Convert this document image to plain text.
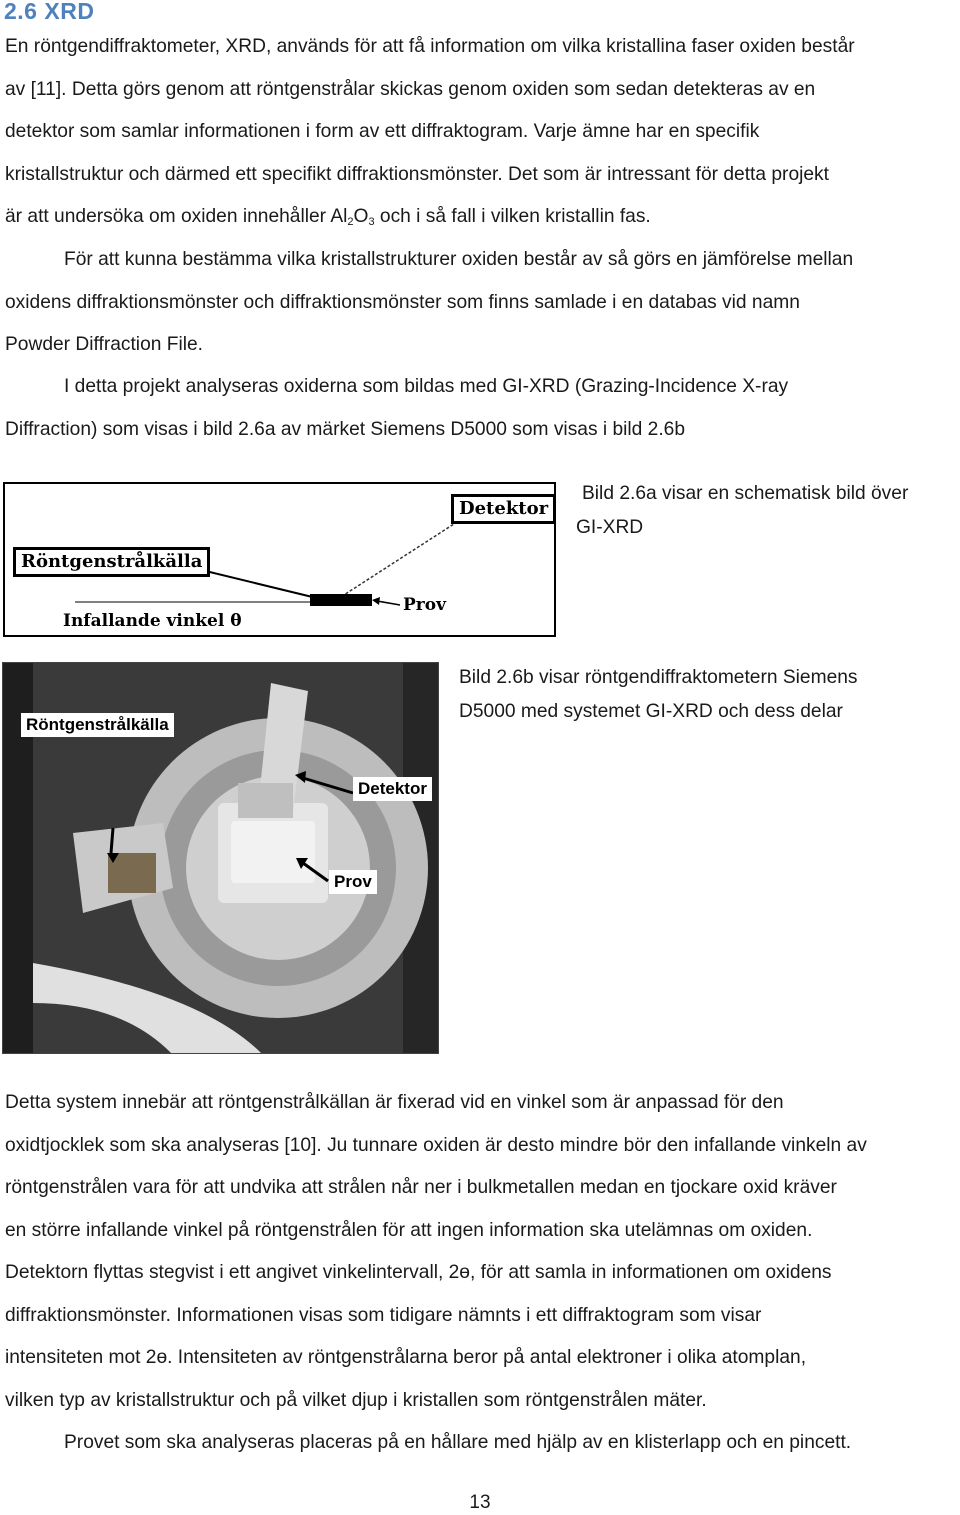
2.6 XRD
En röntgendiffraktometer, XRD, används för att få information om vilka kristallina faser oxiden består
av [11]. Detta görs genom att röntgenstrålar skickas genom oxiden som sedan detekteras av en
detektor som samlar informationen i form av ett diffraktogram. Varje ämne har en specifik
kristallstruktur och därmed ett specifikt diffraktionsmönster. Det som är intressant för detta projekt
är att undersöka om oxiden innehåller $Al_2O_3$ och i så fall i vilken kristallin fas.
För att kunna bestämma vilka kristallstrukturer oxiden består av så görs en jämförelse mellan
oxidens diffraktionsmönster och diffraktionsmönster som finns samlade i en databas vid namn
Powder Diffraction File.
I detta projekt analyseras oxiderna som bildas med GI-XRD (Grazing-Incidence X-ray
Diffraction) som visas i bild 2.6a av märket Siemens D5000 som visas i bild 2.6b
Detektor
Röntgenstrålkälla
Prov
Infallande vinkel θ
Bild 2.6a visar en schematisk bild över
GI-XRD
Röntgenstrålkälla
Detektor
Prov
Bild 2.6b visar röntgendiffraktometern Siemens
D5000 med systemet GI-XRD och dess delar
Detta system innebär att röntgenstrålkällan är fixerad vid en vinkel som är anpassad för den
oxidtjocklek som ska analyseras [10]. Ju tunnare oxiden är desto mindre bör den infallande vinkeln av
röntgenstrålen vara för att undvika att strålen når ner i bulkmetallen medan en tjockare oxid kräver
en större infallande vinkel på röntgenstrålen för att ingen information ska utelämnas om oxiden.
Detektorn flyttas stegvist i ett angivet vinkelintervall, 2ө, för att samla in informationen om oxidens
diffraktionsmönster. Informationen visas som tidigare nämnts i ett diffraktogram som visar
intensiteten mot 2ө. Intensiteten av röntgenstrålarna beror på antal elektroner i olika atomplan,
vilken typ av kristallstruktur och på vilket djup i kristallen som röntgenstrålen mäter.
Provet som ska analyseras placeras på en hållare med hjälp av en klisterlapp och en pincett.
13
